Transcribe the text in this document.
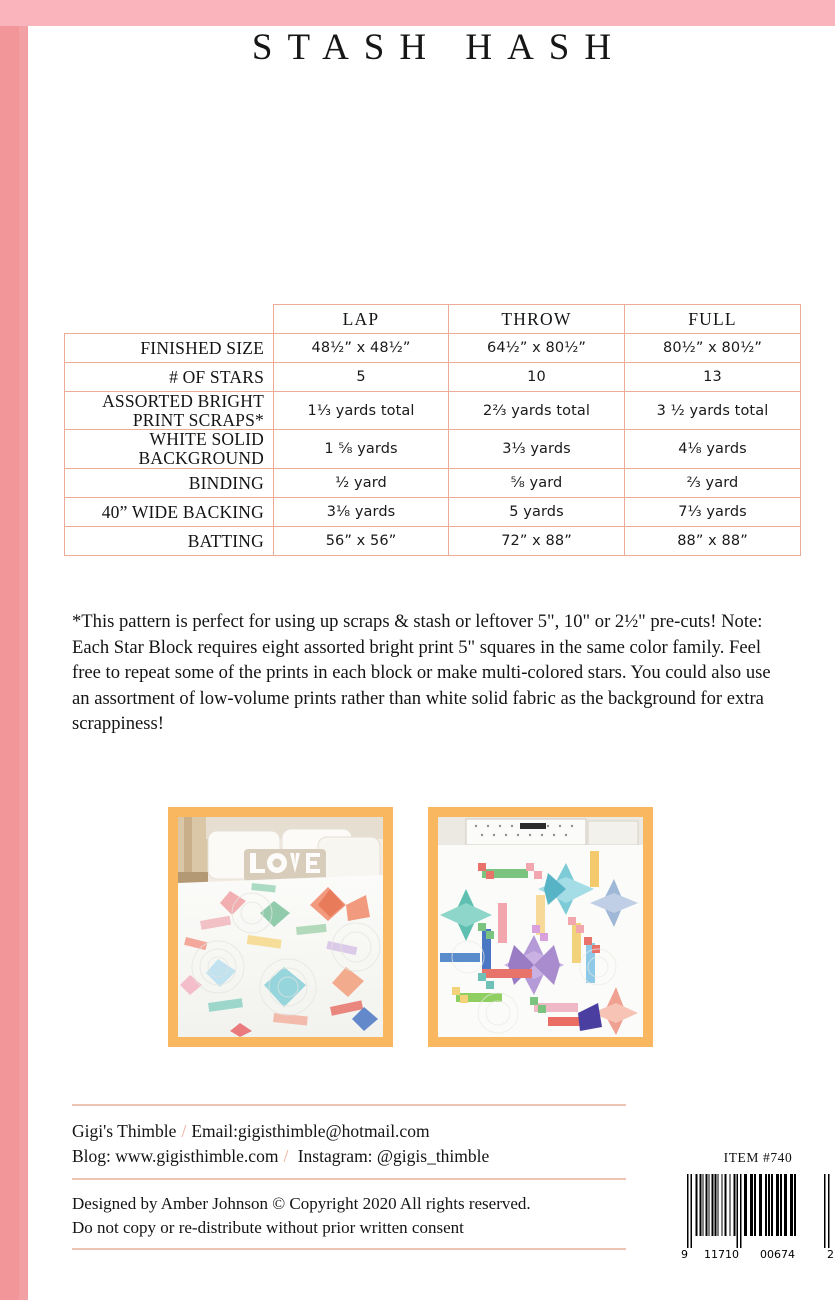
STASH HASH
	LAP	THROW	FULL
FINISHED SIZE	48½” x 48½”	64½” x 80½”	80½” x 80½”
# OF STARS	5	10	13

ASSORTED BRIGHT
PRINT SCRAPS*	1⅓ yards total	2⅔ yards total	3 ½ yards total

WHITE SOLID
BACKGROUND	1 ⅝ yards	3⅓ yards	4⅛ yards
BINDING	½ yard	⅝ yard	⅔ yard
40” WIDE BACKING	3⅛ yards	5 yards	7⅓ yards
BATTING	56” x 56”	72” x 88”	88” x 88”
*This pattern is perfect for using up scraps & stash or leftover 5", 10" or 2½" pre-cuts! Note: Each Star Block requires eight assorted bright print 5" squares in the same color family. Feel free to repeat some of the prints in each block or make multi-colored stars. You could also use an assortment of low-volume prints rather than white solid fabric as the background for extra scrappiness!
Gigi's Thimble / Email:gigisthimble@hotmail.com
Blog: www.gigisthimble.com / Instagram: @gigis_thimble
Designed by Amber Johnson © Copyright 2020 All rights reserved.
Do not copy or re-distribute without prior written consent
ITEM #740
9 11710 00674	2
